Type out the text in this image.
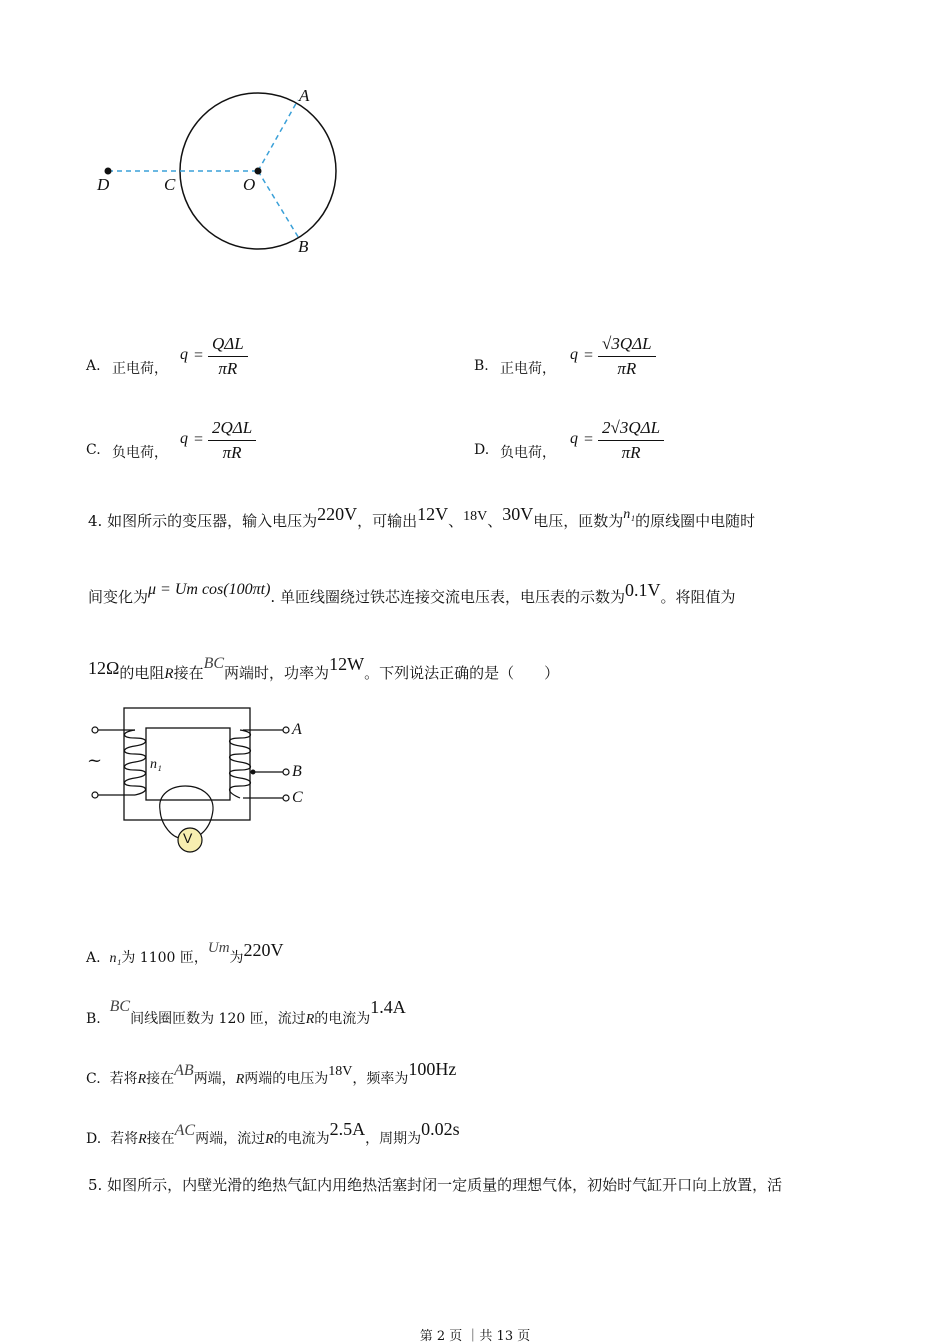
A
B
C
D	O
A. 正电荷，
q =
QΔL
πR	B. 正电荷，
q =
√3QΔL
πR
C. 负电荷，
q =
2QΔL
πR	D. 负电荷，
q =
2√3QΔL
πR
4. 如图所示的变压器，输入电压为220V，可输出12V、18V、30V电压，匝数为n₁的原线圈中电随时
间变化为μ = Um cos(100πt). 单匝线圈绕过铁芯连接交流电压表，电压表的示数为0.1V。将阻值为
12Ω的电阻R接在BC两端时，功率为12W。下列说法正确的是（　　）
A
B
C
n₁
V
~
A. n₁为 1100 匝，Um为220V
B.  BC间线圈匝数为 120 匝，流过R的电流为1.4A
C. 若将R接在AB两端，R两端的电压为18V，频率为100Hz
D. 若将R接在AC两端，流过R的电流为2.5A，周期为0.02s
5. 如图所示，内壁光滑的绝热气缸内用绝热活塞封闭一定质量的理想气体，初始时气缸开口向上放置，活
第 2 页 ｜共 13 页
